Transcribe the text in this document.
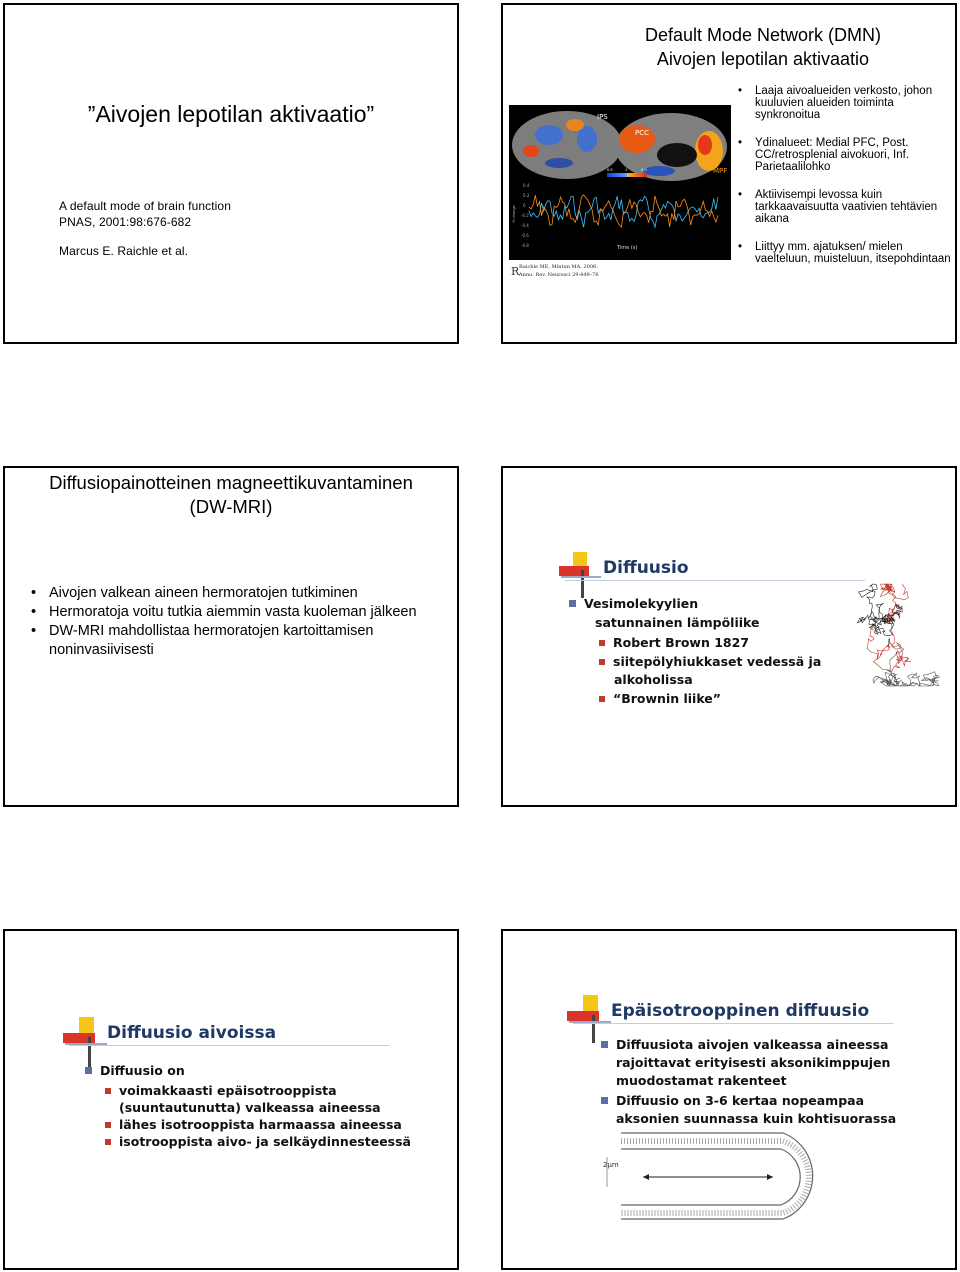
”Aivojen lepotilan aktivaatio”
A default mode of brain function
PNAS, 2001:98:676-682
Marcus E. Raichle et al.
Default Mode Network (DMN)
Aivojen lepotilan aktivaatio
IPS
PCC
MPF
0.5	1	4.0
% change
0.4
0.2
0
-0.2
-0.4
-0.6
-0.8	Time (s)
Raichle ME, Mintun MA. 2006.
Annu. Rev. Neurosci 29:449–76
R
• Laaja aivoalueiden verkosto, johon kuuluvien alueiden toiminta synkronoitua
• Ydinalueet: Medial PFC, Post. CC/retrosplenial aivokuori, Inf. Parietaalilohko
• Aktiivisempi levossa kuin tarkkaavaisuutta vaativien tehtävien aikana
• Liittyy mm. ajatuksen/ mielen vaelteluun, muisteluun, itsepohdintaan
Diffusiopainotteinen magneettikuvantaminen
(DW-MRI)
• Aivojen valkean aineen hermoratojen tutkiminen
• Hermoratoja voitu tutkia aiemmin vasta kuoleman jälkeen
• DW-MRI mahdollistaa hermoratojen kartoittamisen noninvasiivisesti
Diffuusio
Vesimolekyylien
satunnainen lämpöliike
Robert Brown 1827
siitepölyhiukkaset vedessä ja
alkoholissa
“Brownin liike”
Diffuusio aivoissa
Diffuusio on
voimakkaasti epäisotrooppista
(suuntautunutta) valkeassa aineessa
lähes isotrooppista harmaassa aineessa
isotrooppista aivo- ja selkäydinnesteessä
Epäisotrooppinen diffuusio
Diffuusiota aivojen valkeassa aineessa
rajoittavat erityisesti aksonikimppujen
muodostamat rakenteet
Diffuusio on 3-6 kertaa nopeampaa
aksonien suunnassa kuin kohtisuorassa
2µm
